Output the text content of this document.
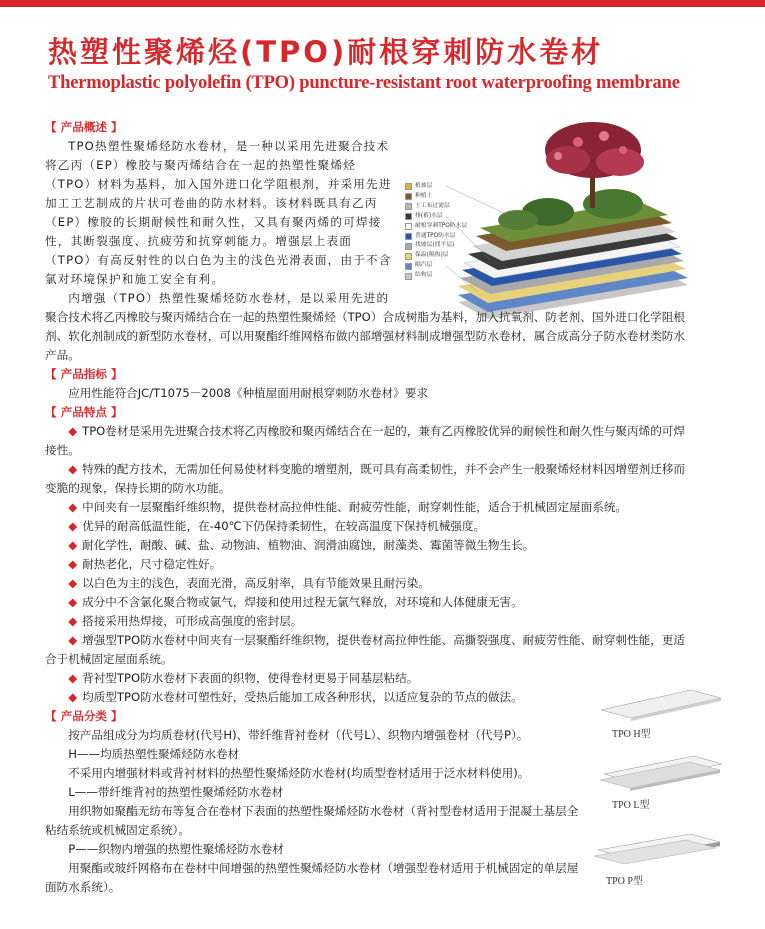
热塑性聚烯烃(TPO)耐根穿刺防水卷材
Thermoplastic polyolefin (TPO) puncture-resistant root waterproofing membrane
植被层
种植土
土工布过滤层
排(蓄)水层
耐根穿刺TPO防水层
普通TPO防水层
找坡层(找平层)
保温(隔热)层
隔汽层
结构层

【 产品概述 】

TPO热塑性聚烯烃防水卷材，是一种以采用先进聚合技术

将乙丙（EP）橡胶与聚丙烯结合在一起的热塑性聚烯烃

（TPO）材料为基料，加入国外进口化学阻根剂，并采用先进

加工工艺制成的片状可卷曲的防水材料。该材料既具有乙丙

（EP）橡胶的长期耐候性和耐久性，又具有聚丙烯的可焊接

性，其断裂强度、抗疲劳和抗穿刺能力。增强层上表面

（TPO）有高反射性的以白色为主的浅色光滑表面，由于不含

氯对环境保护和施工安全有利。

内增强（TPO）热塑性聚烯烃防水卷材，是以采用先进的

聚合技术将乙丙橡胶与聚丙烯结合在一起的热塑性聚烯烃（TPO）合成树脂为基料，加入抗氧剂、防老剂、国外进口化学阻根剂、软化剂制成的新型防水卷材，可以用聚酯纤维网格布做内部增强材料制成增强型防水卷材，属合成高分子防水卷材类防水产品。

【 产品指标 】

应用性能符合JC/T1075－2008《种植屋面用耐根穿刺防水卷材》要求

【 产品特点 】

◆ TPO卷材是采用先进聚合技术将乙丙橡胶和聚丙烯结合在一起的，兼有乙丙橡胶优异的耐候性和耐久性与聚丙烯的可焊接性。

◆ 特殊的配方技术，无需加任何易使材料变脆的增塑剂，既可具有高柔韧性，并不会产生一般聚烯烃材料因增塑剂迁移而变脆的现象，保持长期的防水功能。

◆ 中间夹有一层聚酯纤维织物，提供卷材高拉伸性能、耐疲劳性能，耐穿刺性能，适合于机械固定屋面系统。

◆ 优异的耐高低温性能，在-40℃下仍保持柔韧性，在较高温度下保持机械强度。

◆ 耐化学性，耐酸、碱、盐、动物油、植物油、润滑油腐蚀，耐藻类、霉菌等微生物生长。

◆ 耐热老化，尺寸稳定性好。

◆ 以白色为主的浅色，表面光滑，高反射率，具有节能效果且耐污染。

◆ 成分中不含氯化聚合物或氯气，焊接和使用过程无氯气释放，对环境和人体健康无害。

◆ 搭接采用热焊接，可形成高强度的密封层。

◆ 增强型TPO防水卷材中间夹有一层聚酯纤维织物，提供卷材高拉伸性能、高撕裂强度、耐疲劳性能、耐穿刺性能，更适合于机械固定屋面系统。

◆ 背衬型TPO防水卷材下表面的织物，使得卷材更易于同基层粘结。

◆ 均质型TPO防水卷材可塑性好，受热后能加工成各种形状，以适应复杂的节点的做法。

【 产品分类 】

按产品组成分为均质卷材(代号H)、带纤维背衬卷材（代号L）、织物内增强卷材（代号P）。

H——均质热塑性聚烯烃防水卷材

不采用内增强材料或背衬材料的热塑性聚烯烃防水卷材(均质型卷材适用于泛水材料使用)。

L——带纤维背衬的热塑性聚烯烃防水卷材

用织物如聚酯无纺布等复合在卷材下表面的热塑性聚烯烃防水卷材（背衬型卷材适用于混凝土基层全粘结系统或机械固定系统）。

P——织物内增强的热塑性聚烯烃防水卷材

用聚酯或玻纤网格布在卷材中间增强的热塑性聚烯烃防水卷材（增强型卷材适用于机械固定的单层屋面防水系统）。

TPO H型
TPO L型
TPO P型
